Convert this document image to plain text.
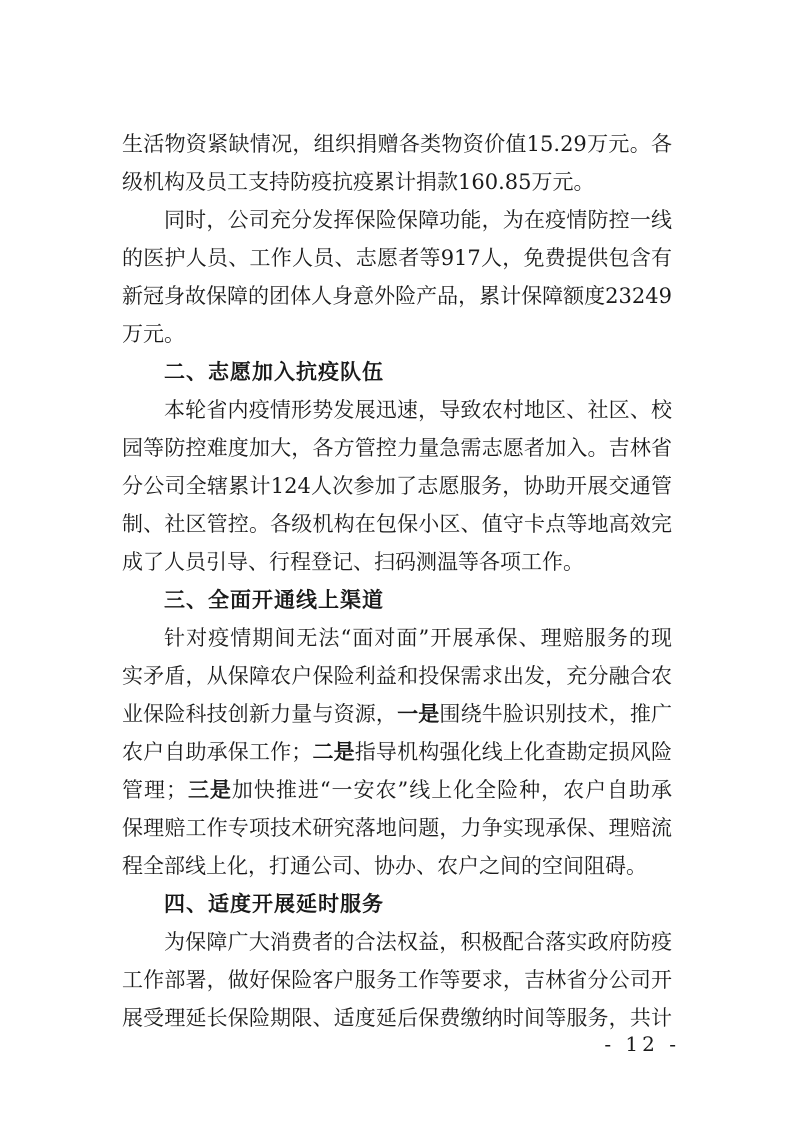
生活物资紧缺情况，组织捐赠各类物资价值15.29万元。各
级机构及员工支持防疫抗疫累计捐款160.85万元。
同时，公司充分发挥保险保障功能，为在疫情防控一线
的医护人员、工作人员、志愿者等917人，免费提供包含有
新冠身故保障的团体人身意外险产品，累计保障额度23249
万元。
二、志愿加入抗疫队伍
本轮省内疫情形势发展迅速，导致农村地区、社区、校
园等防控难度加大，各方管控力量急需志愿者加入。吉林省
分公司全辖累计124人次参加了志愿服务，协助开展交通管
制、社区管控。各级机构在包保小区、值守卡点等地高效完
成了人员引导、行程登记、扫码测温等各项工作。
三、全面开通线上渠道
针对疫情期间无法“面对面”开展承保、理赔服务的现
实矛盾，从保障农户保险利益和投保需求出发，充分融合农
业保险科技创新力量与资源，一是围绕牛脸识别技术，推广
农户自助承保工作；二是指导机构强化线上化查勘定损风险
管理；三是加快推进“一安农”线上化全险种，农户自助承
保理赔工作专项技术研究落地问题，力争实现承保、理赔流
程全部线上化，打通公司、协办、农户之间的空间阻碍。
四、适度开展延时服务
为保障广大消费者的合法权益，积极配合落实政府防疫
工作部署，做好保险客户服务工作等要求，吉林省分公司开
展受理延长保险期限、适度延后保费缴纳时间等服务，共计
- 12 -
